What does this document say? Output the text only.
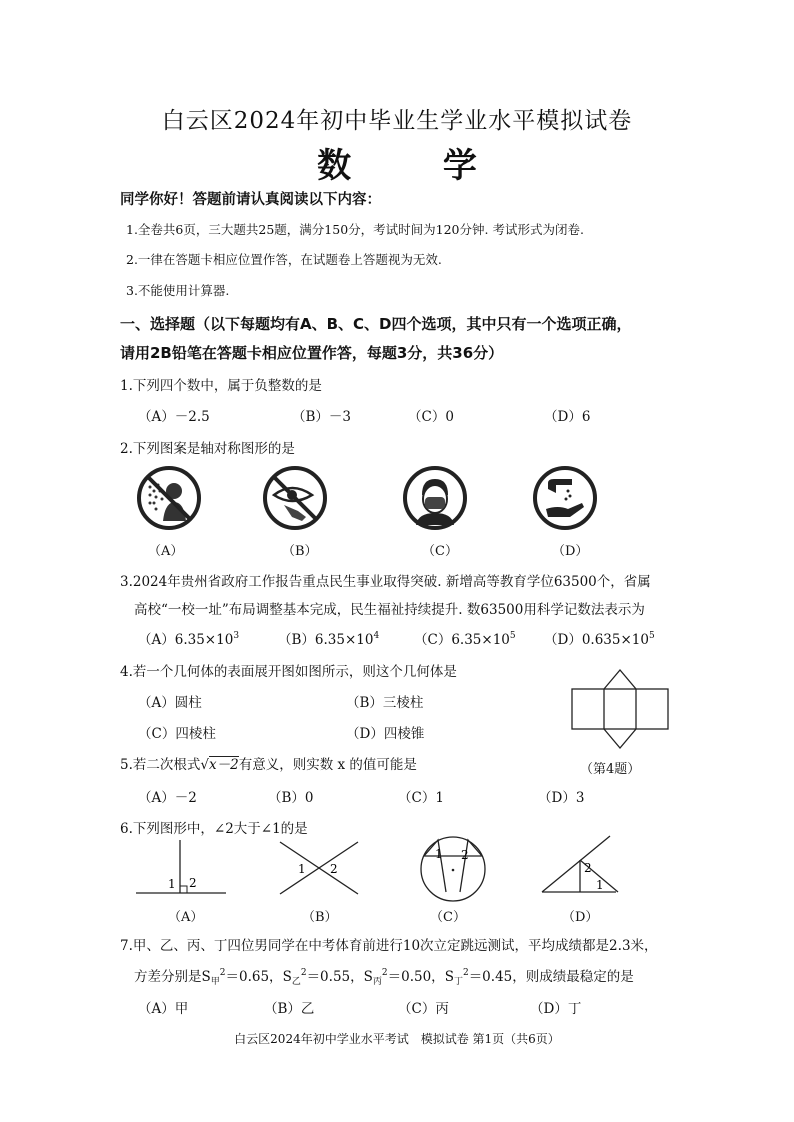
白云区2024年初中毕业生学业水平模拟试卷
数 学
同学你好！答题前请认真阅读以下内容：
1.全卷共6页，三大题共25题，满分150分，考试时间为120分钟. 考试形式为闭卷.
2.一律在答题卡相应位置作答，在试题卷上答题视为无效.
3.不能使用计算器.
一、选择题（以下每题均有A、B、C、D四个选项，其中只有一个选项正确，
请用2B铅笔在答题卡相应位置作答，每题3分，共36分）
1.下列四个数中，属于负整数的是
（A）－2.5	（B）－3	（C）0	（D）6
2.下列图案是轴对称图形的是
（A）	（B）	（C）	（D）
3.2024年贵州省政府工作报告重点民生事业取得突破. 新增高等教育学位63500个，省属
高校“一校一址”布局调整基本完成，民生福祉持续提升. 数63500用科学记数法表示为
$(A)6.35\times 10^3$	$(B)6.35\times 10^4$	$(C)6.35\times 10^5$ $(D)0.635\times 10^5$
4.若一个几何体的表面展开图如图所示，则这个几何体是
（A）圆柱	（B）三棱柱
（C）四棱柱	（D）四棱锥
（第4题）
5.若二次根式√x－2有意义，则实数 x 的值可能是
（A）－2	（B）0	（C）1	（D）3
6.下列图形中，∠2大于∠1的是
1 2
1 2
1 2
2
1
（A）	（B）	（C）	（D）
7.甲、乙、丙、丁四位男同学在中考体育前进行10次立定跳远测试，平均成绩都是2.3米，
方差分别是$S_甲^2=0.65$，$S_乙^2=0.55$，$S_丙^2=0.50$，$S_丁^2=0.45$，则成绩最稳定的是
（A）甲	（B）乙	（C）丙	（D）丁
白云区2024年初中学业水平考试　模拟试卷 第1页（共6页）
